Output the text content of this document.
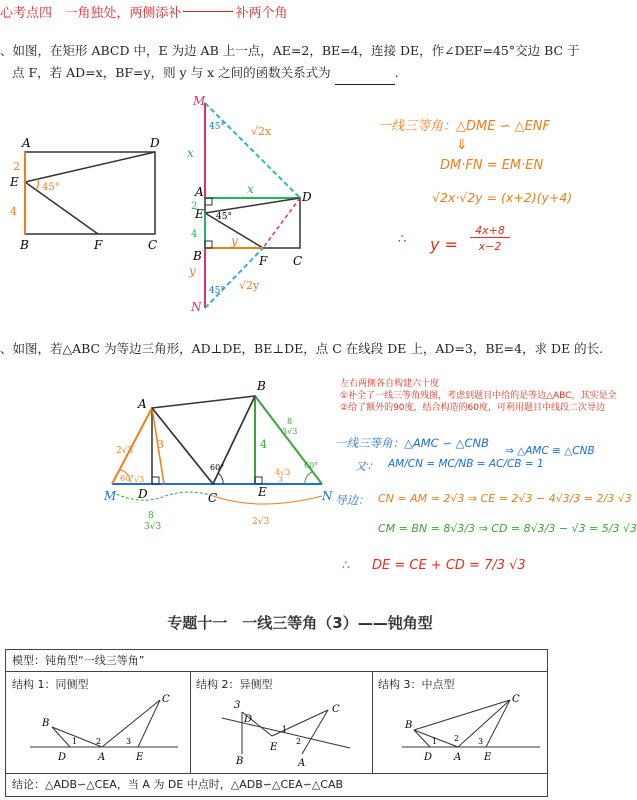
心考点四 一角独处，两侧添补	补两个角
、如图，在矩形 ABCD 中，E 为边 AB 上一点，AE=2，BE=4，连接 DE，作∠DEF=45°交边 BC 于
点 F，若 AD=x，BF=y，则 y 与 x 之间的函数关系式为	.
A	D
E
B	F	C
2
4
45°
M
N
A
E
B
D
F C
x
x
y
y
2
4
45°
45°
45°
√2x
√2y
一线三等角：△DME ∽ △ENF
⇓
DM·FN = EM·EN
√2x·√2y = (x+2)(y+4)
∴ y =
4x+8
x−2
、如图，若△ABC 为等边三角形，AD⊥DE，BE⊥DE，点 C 在线段 DE 上，AD=3，BE=4，求 DE 的长.
左右两侧各自构建六十度
①补全了一线三等角残图，考虑到题目中给的是等边△ABC，其实是全
②给了额外的90度，结合构造的60度，可利用题目中线段二次导边
A
B
C
D	E
M	N
3	4
2√3
√3
8
3√3
4√3
3
60°
60°	60°
8
3√3	2√3
一线三等角：△AMC ∽ △CNB
又∵ AM/CN = MC/NB = AC/CB = 1
⇒ △AMC ≌ △CNB
导边： CN = AM = 2√3 ⇒ CE = 2√3 − 4√3/3 = 2/3 √3
CM = BN = 8√3/3 ⇒ CD = 8√3/3 − √3 = 5/3 √3
∴ DE = CE + CD = 7/3 √3
专题十一　一线三等角（3）——钝角型
模型：钝角型“一线三等角”
结构 1：同侧型	结构 2：异侧型	结构 3：中点型
结论：△ADB∽△CEA，当 A 为 DE 中点时，△ADB∽△CEA∽△CAB
B
C
D	A	E
1 2	3
3	C
B	A
E
D
1
2
B
C
D A E
1 2 3
